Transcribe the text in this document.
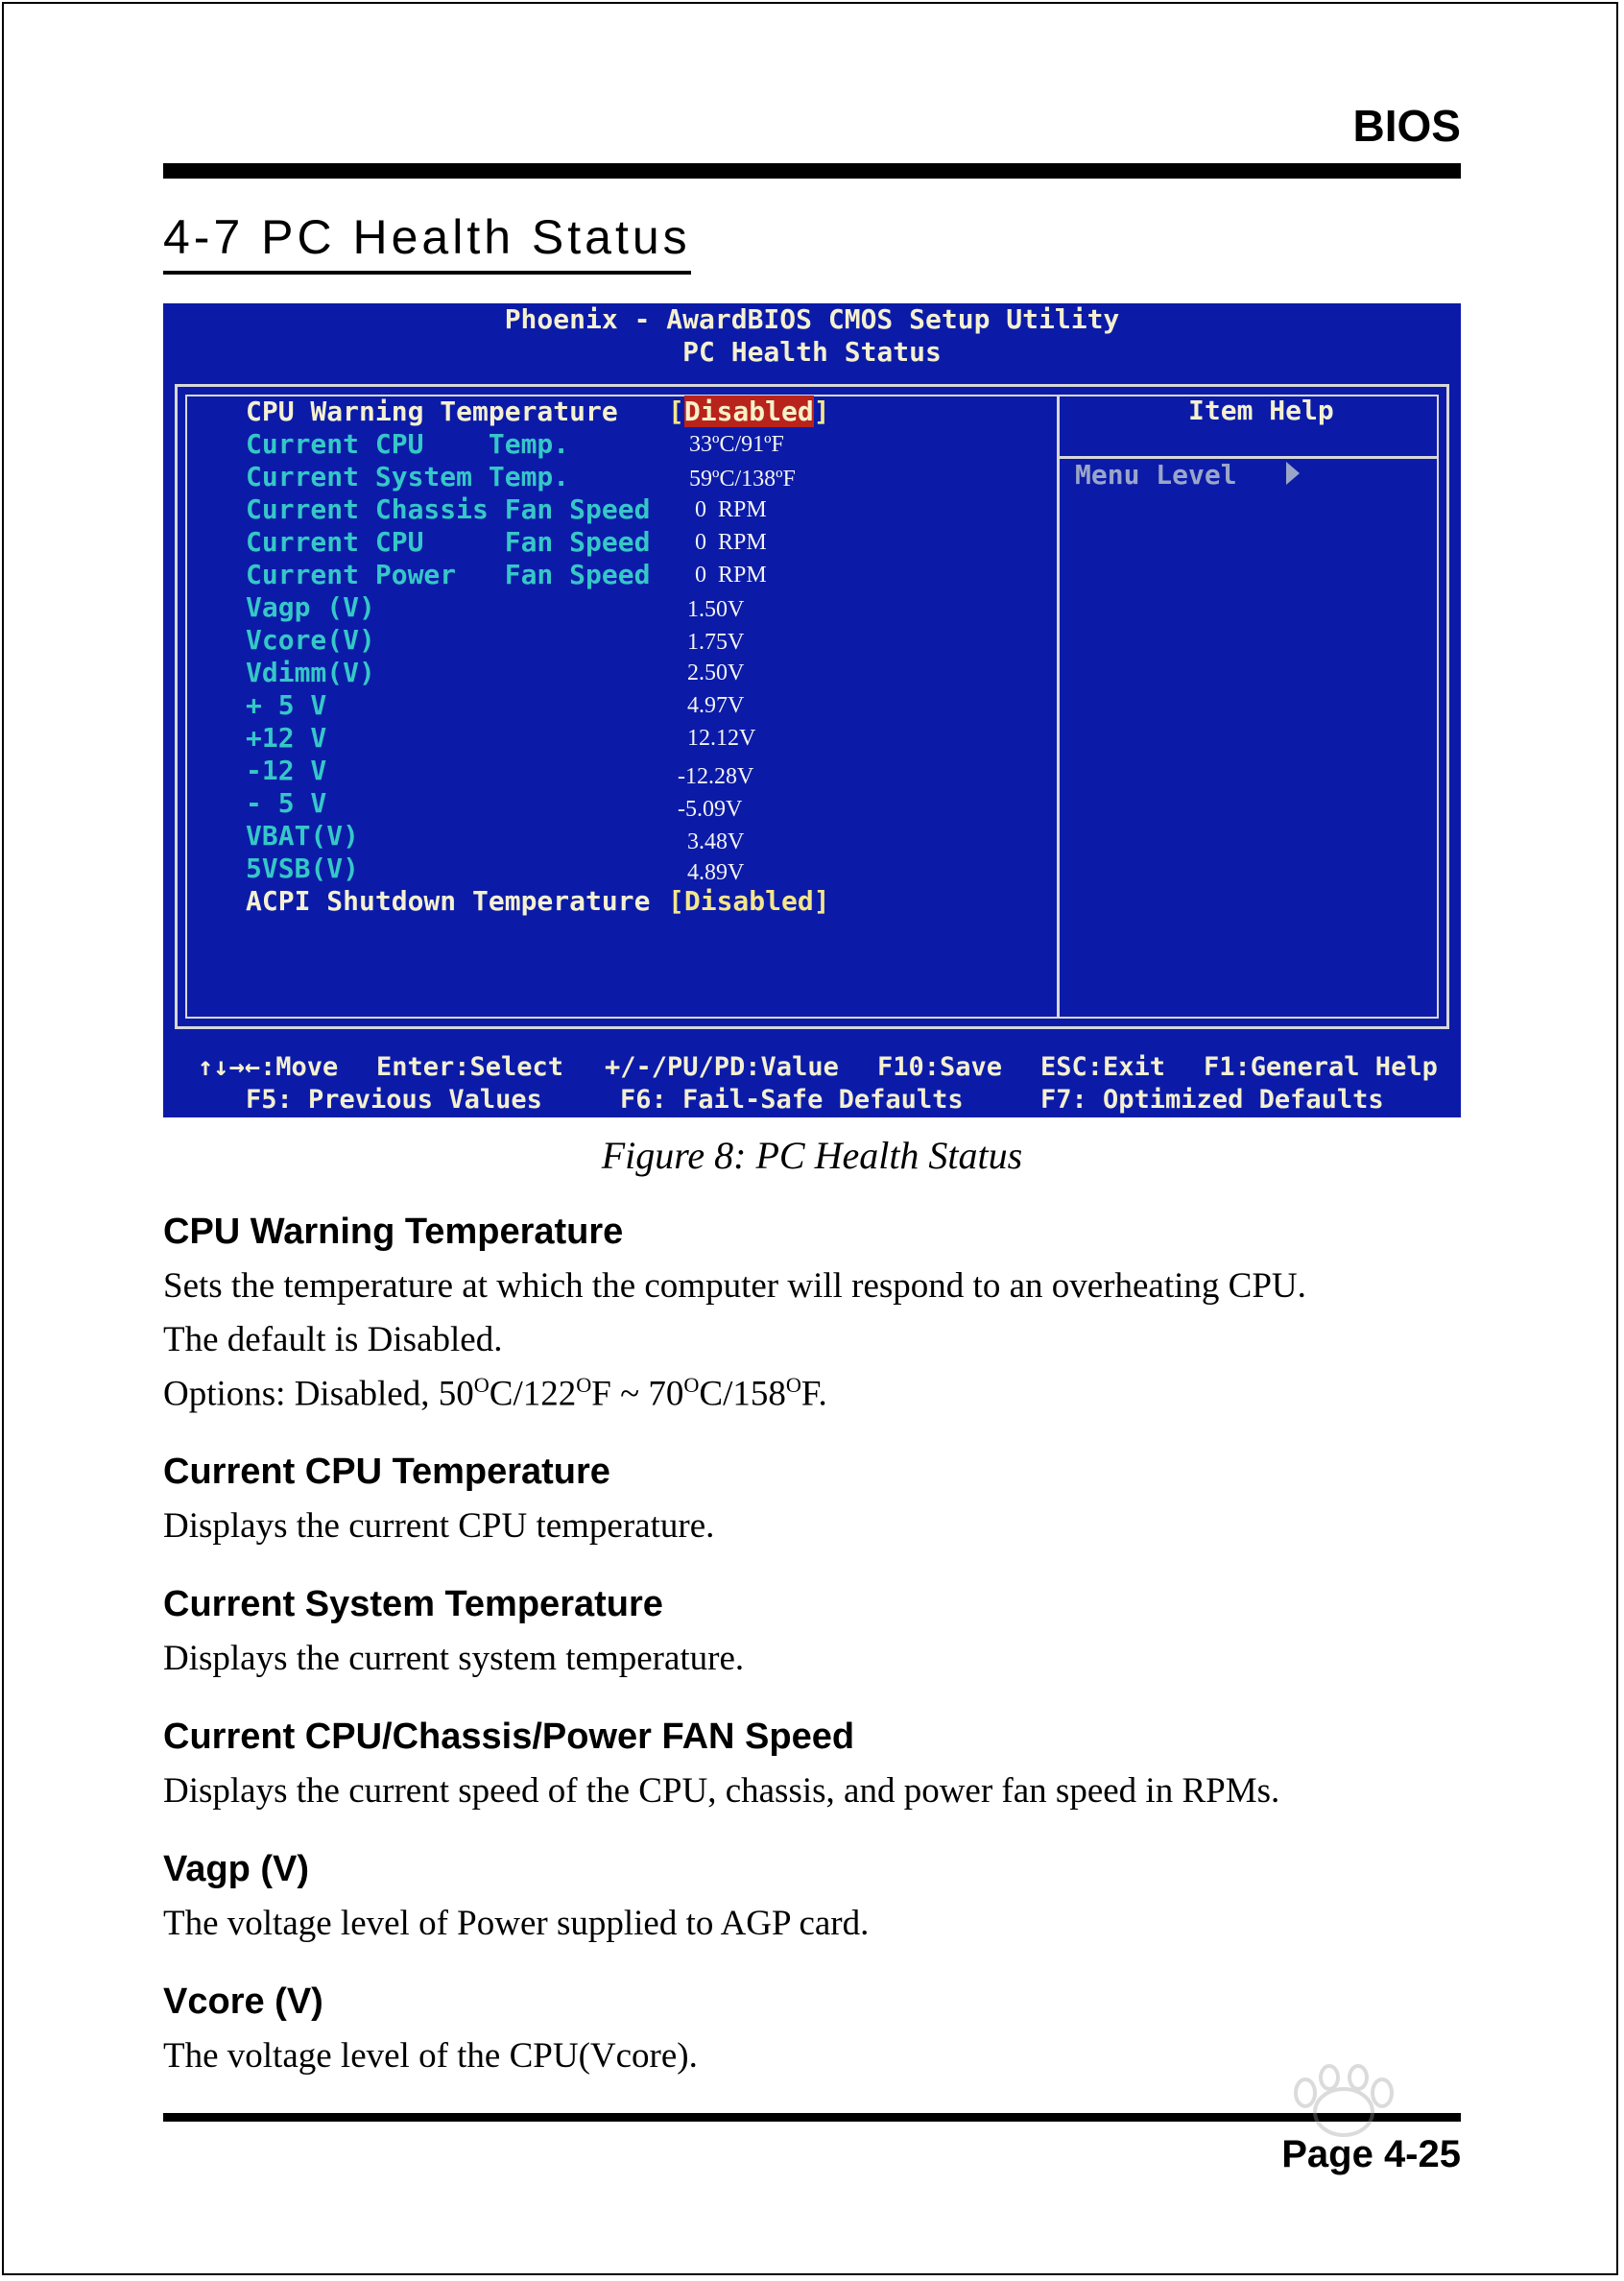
BIOS
4-7 PC Health Status
Phoenix - AwardBIOS CMOS Setup Utility
PC Health Status
CPU Warning Temperature [Disabled]
Current CPU    Temp.	33ºC/91ºF
Current System Temp.	59ºC/138ºF
Current Chassis Fan Speed 0  RPM
Current CPU     Fan Speed 0  RPM
Current Power   Fan Speed 0  RPM
Vagp (V)	1.50V
Vcore(V)	1.75V
Vdimm(V)	2.50V
+ 5 V	4.97V
+12 V	12.12V
-12 V	-12.28V
- 5 V	-5.09V
VBAT(V)	3.48V
5VSB(V)	4.89V
ACPI Shutdown Temperature [Disabled]
Item Help
Menu Level
↑↓→←:Move Enter:Select +/-/PU/PD:Value F10:Save ESC:Exit F1:General Help
F5: Previous Values	F6: Fail-Safe Defaults	F7: Optimized Defaults
Figure 8: PC Health Status
CPU Warning Temperature
Sets the temperature at which the computer will respond to an overheating CPU.
The default is Disabled.
Options: Disabled, $50^OC/122^OF$ ~ $70^OC/158^OF$.
Current CPU Temperature
Displays the current CPU temperature.
Current System Temperature
Displays the current system temperature.
Current CPU/Chassis/Power FAN Speed
Displays the current speed of the CPU, chassis, and power fan speed in RPMs.
Vagp (V)
The voltage level of Power supplied to AGP card.
Vcore (V)
The voltage level of the CPU(Vcore).
Page 4-25
